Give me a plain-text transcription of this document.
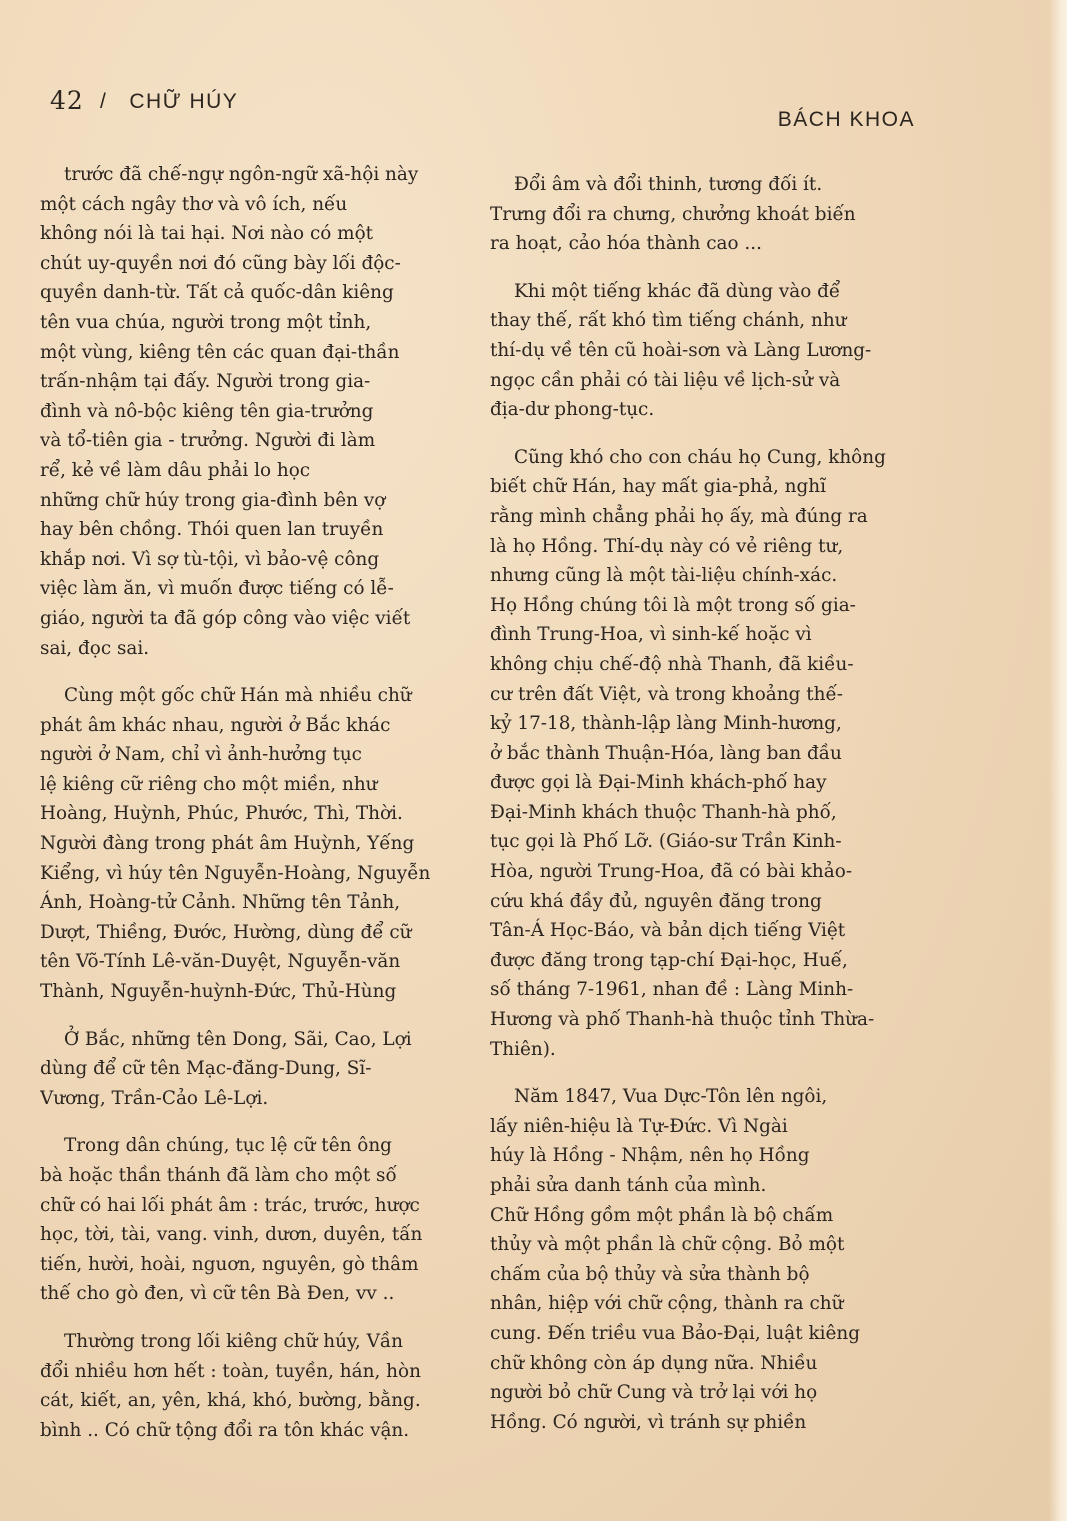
42 / CHỮ HÚY
BÁCH KHOA

trước đã chế-ngự ngôn-ngữ xã-hội này
một cách ngây thơ và vô ích, nếu
không nói là tai hại. Nơi nào có một
chút uy-quyền nơi đó cũng bày lối độc-
quyền danh-từ. Tất cả quốc-dân kiêng
tên vua chúa, người trong một tỉnh,
một vùng, kiêng tên các quan đại-thần
trấn-nhậm tại đấy. Người trong gia-
đình và nô-bộc kiêng tên gia-trưởng
và tổ-tiên gia - trưởng. Người đi làm
rể, kẻ về làm dâu phải lo học
những chữ húy trong gia-đình bên vợ
hay bên chồng. Thói quen lan truyền
khắp nơi. Vì sợ tù-tội, vì bảo-vệ công
việc làm ăn, vì muốn được tiếng có lễ-
giáo, người ta đã góp công vào việc viết
sai, đọc sai.

Cùng một gốc chữ Hán mà nhiều chữ
phát âm khác nhau, người ở Bắc khác
người ở Nam, chỉ vì ảnh-hưởng tục
lệ kiêng cữ riêng cho một miền, như
Hoàng, Huỳnh, Phúc, Phước, Thì, Thời.
Người đàng trong phát âm Huỳnh, Yếng
Kiểng, vì húy tên Nguyễn-Hoàng, Nguyễn
Ánh, Hoàng-tử Cảnh. Những tên Tảnh,
Dượt, Thiềng, Đước, Hường, dùng để cữ
tên Võ-Tính Lê-văn-Duyệt, Nguyễn-văn
Thành, Nguyễn-huỳnh-Đức, Thủ-Hùng

Ở Bắc, những tên Dong, Sãi, Cao, Lợi
dùng để cữ tên Mạc-đăng-Dung, Sĩ-
Vương, Trần-Cảo Lê-Lợi.

Trong dân chúng, tục lệ cữ tên ông
bà hoặc thần thánh đã làm cho một số
chữ có hai lối phát âm : trác, trước, hược
học, tời, tài, vang. vinh, dươn, duyên, tấn
tiến, hười, hoài, nguơn, nguyên, gò thâm
thế cho gò đen, vì cữ tên Bà Đen, vv ..

Thường trong lối kiêng chữ húy, Vần
đổi nhiều hơn hết : toàn, tuyền, hán, hòn
cát, kiết, an, yên, khá, khó, bường, bằng.
bình .. Có chữ tộng đổi ra tôn khác vận.

Đổi âm và đổi thinh, tương đối ít.
Trưng đổi ra chưng, chưởng khoát biến
ra hoạt, cảo hóa thành cao ...

Khi một tiếng khác đã dùng vào để
thay thế, rất khó tìm tiếng chánh, như
thí-dụ về tên cũ hoài-sơn và Làng Lương-
ngọc cần phải có tài liệu về lịch-sử và
địa-dư phong-tục.

Cũng khó cho con cháu họ Cung, không
biết chữ Hán, hay mất gia-phả, nghĩ
rằng mình chẳng phải họ ấy, mà đúng ra
là họ Hồng. Thí-dụ này có vẻ riêng tư,
nhưng cũng là một tài-liệu chính-xác.
Họ Hồng chúng tôi là một trong số gia-
đình Trung-Hoa, vì sinh-kế hoặc vì
không chịu chế-độ nhà Thanh, đã kiều-
cư trên đất Việt, và trong khoảng thế-
kỷ 17-18, thành-lập làng Minh-hương,
ở bắc thành Thuận-Hóa, làng ban đầu
được gọi là Đại-Minh khách-phố hay
Đại-Minh khách thuộc Thanh-hà phố,
tục gọi là Phố Lỡ. (Giáo-sư Trần Kinh-
Hòa, người Trung-Hoa, đã có bài khảo-
cứu khá đầy đủ, nguyên đăng trong
Tân-Á Học-Báo, và bản dịch tiếng Việt
được đăng trong tạp-chí Đại-học, Huế,
số tháng 7-1961, nhan đề : Làng Minh-
Hương và phố Thanh-hà thuộc tỉnh Thừa-
Thiên).

Năm 1847, Vua Dực-Tôn lên ngôi,
lấy niên-hiệu là Tự-Đức. Vì Ngài
húy là Hồng - Nhậm, nên họ Hồng
phải sửa danh tánh của mình.
Chữ Hồng gồm một phần là bộ chấm
thủy và một phần là chữ cộng. Bỏ một
chấm của bộ thủy và sửa thành bộ
nhân, hiệp với chữ cộng, thành ra chữ
cung. Đến triều vua Bảo-Đại, luật kiêng
chữ không còn áp dụng nữa. Nhiều
người bỏ chữ Cung và trở lại với họ
Hồng. Có người, vì tránh sự phiền
